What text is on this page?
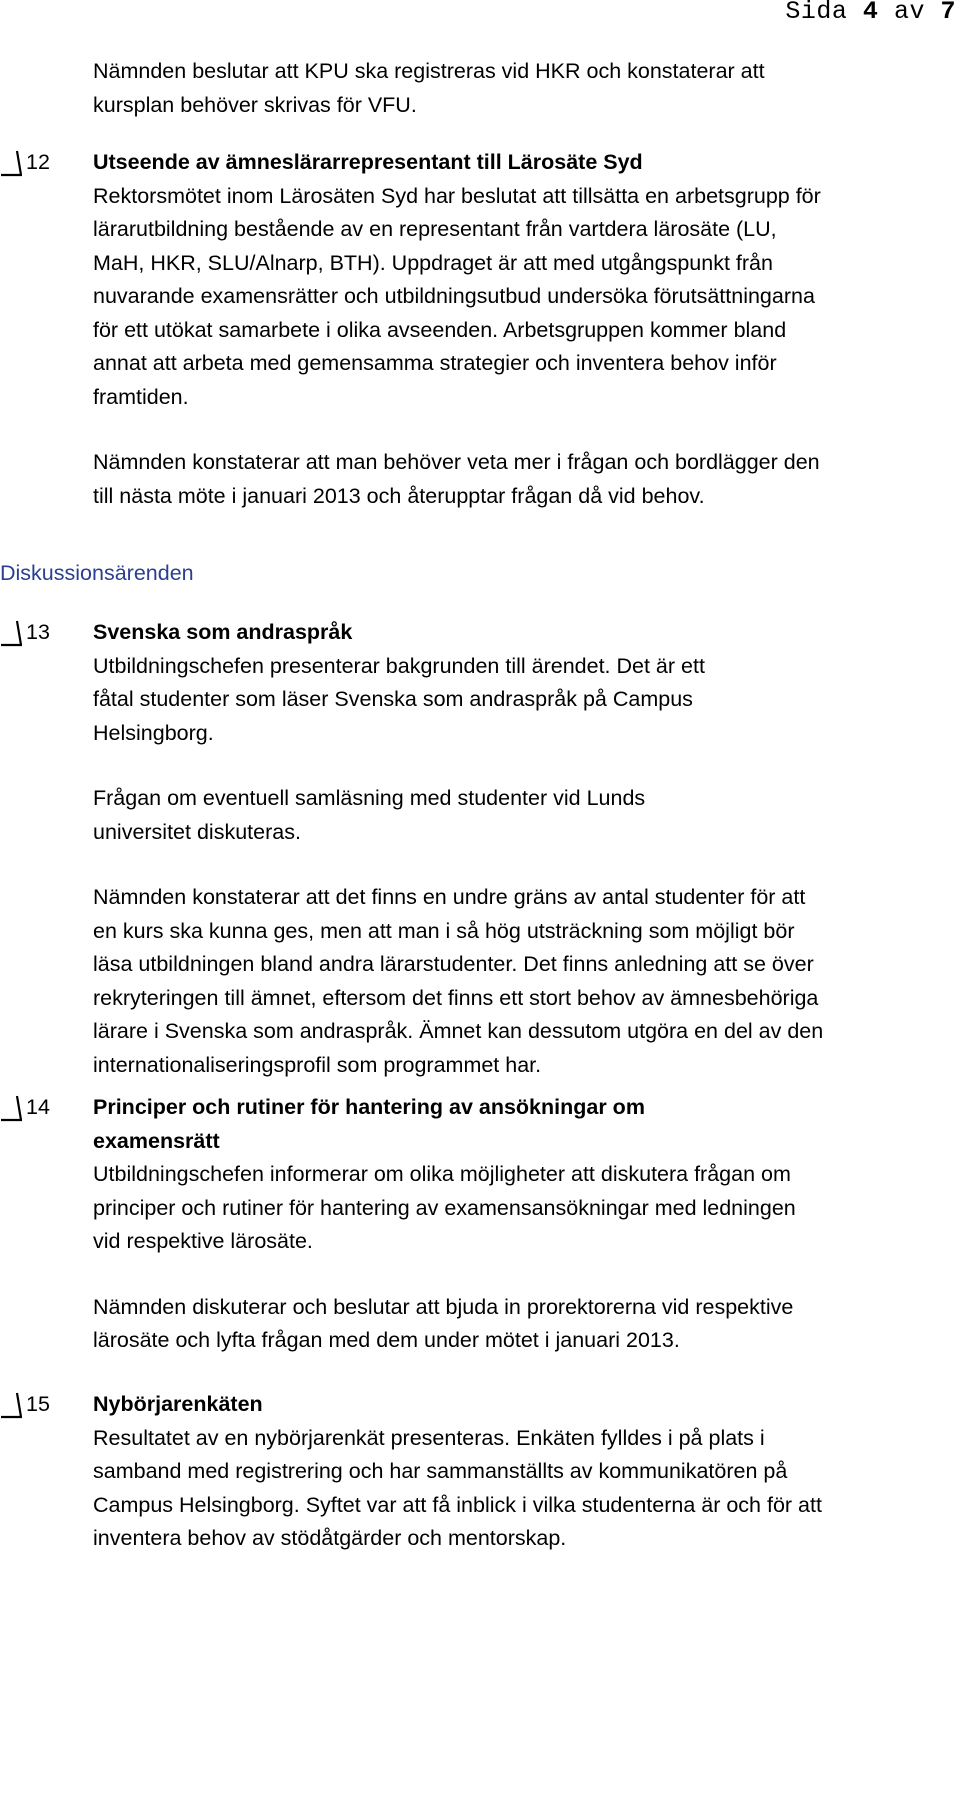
Sida 4 av 7

Nämnden beslutar att KPU ska registreras vid HKR och konstaterar att kursplan behöver skrivas för VFU.

12 Utseende av ämneslärarrepresentant till Lärosäte Syd

Rektorsmötet inom Lärosäten Syd har beslutat att tillsätta en arbetsgrupp för lärarutbildning bestående av en representant från vartdera lärosäte (LU, MaH, HKR, SLU/Alnarp, BTH). Uppdraget är att med utgångspunkt från nuvarande examensrätter och utbildningsutbud undersöka förutsättningarna för ett utökat samarbete i olika avseenden. Arbetsgruppen kommer bland annat att arbeta med gemensamma strategier och inventera behov inför framtiden.

Nämnden konstaterar att man behöver veta mer i frågan och bordlägger den till nästa möte i januari 2013 och återupptar frågan då vid behov.

Diskussionsärenden
13 Svenska som andraspråk

Utbildningschefen presenterar bakgrunden till ärendet. Det är ett fåtal studenter som läser Svenska som andraspråk på Campus Helsingborg.

Frågan om eventuell samläsning med studenter vid Lunds universitet diskuteras.

Nämnden konstaterar att det finns en undre gräns av antal studenter för att en kurs ska kunna ges, men att man i så hög utsträckning som möjligt bör läsa utbildningen bland andra lärarstudenter. Det finns anledning att se över rekryteringen till ämnet, eftersom det finns ett stort behov av ämnesbehöriga lärare i Svenska som andraspråk. Ämnet kan dessutom utgöra en del av den internationaliseringsprofil som programmet har.

14 Principer och rutiner för hantering av ansökningar om examensrätt

Utbildningschefen informerar om olika möjligheter att diskutera frågan om principer och rutiner för hantering av examensansökningar med ledningen vid respektive lärosäte.

Nämnden diskuterar och beslutar att bjuda in prorektorerna vid respektive lärosäte och lyfta frågan med dem under mötet i januari 2013.

15 Nybörjarenkäten

Resultatet av en nybörjarenkät presenteras. Enkäten fylldes i på plats i samband med registrering och har sammanställts av kommunikatören på Campus Helsingborg. Syftet var att få inblick i vilka studenterna är och för att inventera behov av stödåtgärder och mentorskap.
